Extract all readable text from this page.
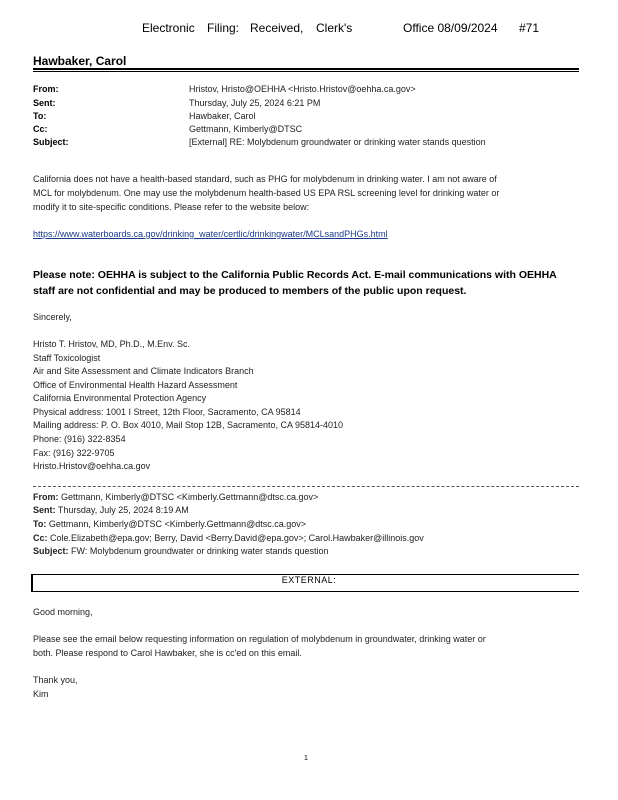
Electronic Filing: Received, Clerk's	Office 08/09/2024 #71
Hawbaker, Carol
From:	Hristov, Hristo@OEHHA <Hristo.Hristov@oehha.ca.gov>
Sent:	Thursday, July 25, 2024 6:21 PM
To:	Hawbaker, Carol
Cc:	Gettmann, Kimberly@DTSC
Subject:	[External] RE: Molybdenum groundwater or drinking water stands question
California does not have a health-based standard, such as PHG for molybdenum in drinking water. I am not aware of
MCL for molybdenum. One may use the molybdenum health-based US EPA RSL screening level for drinking water or
modify it to site-specific conditions. Please refer to the website below:
https://www.waterboards.ca.gov/drinking_water/certlic/drinkingwater/MCLsandPHGs.html
Please note: OEHHA is subject to the California Public Records Act. E-mail communications with OEHHA
staff are not confidential and may be produced to members of the public upon request.
Sincerely,
Hristo T. Hristov, MD, Ph.D., M.Env. Sc.
Staff Toxicologist
Air and Site Assessment and Climate Indicators Branch
Office of Environmental Health Hazard Assessment
California Environmental Protection Agency
Physical address: 1001 I Street, 12th Floor, Sacramento, CA 95814
Mailing address: P. O. Box 4010, Mail Stop 12B, Sacramento, CA 95814-4010
Phone: (916) 322-8354
Fax: (916) 322-9705
Hristo.Hristov@oehha.ca.gov
From: Gettmann, Kimberly@DTSC <Kimberly.Gettmann@dtsc.ca.gov>
Sent: Thursday, July 25, 2024 8:19 AM
To: Gettmann, Kimberly@DTSC <Kimberly.Gettmann@dtsc.ca.gov>
Cc: Cole.Elizabeth@epa.gov; Berry, David <Berry.David@epa.gov>; Carol.Hawbaker@illinois.gov
Subject: FW: Molybdenum groundwater or drinking water stands question
EXTERNAL:
Good morning,
Please see the email below requesting information on regulation of molybdenum in groundwater, drinking water or
both. Please respond to Carol Hawbaker, she is cc'ed on this email.
Thank you,
Kim
1
